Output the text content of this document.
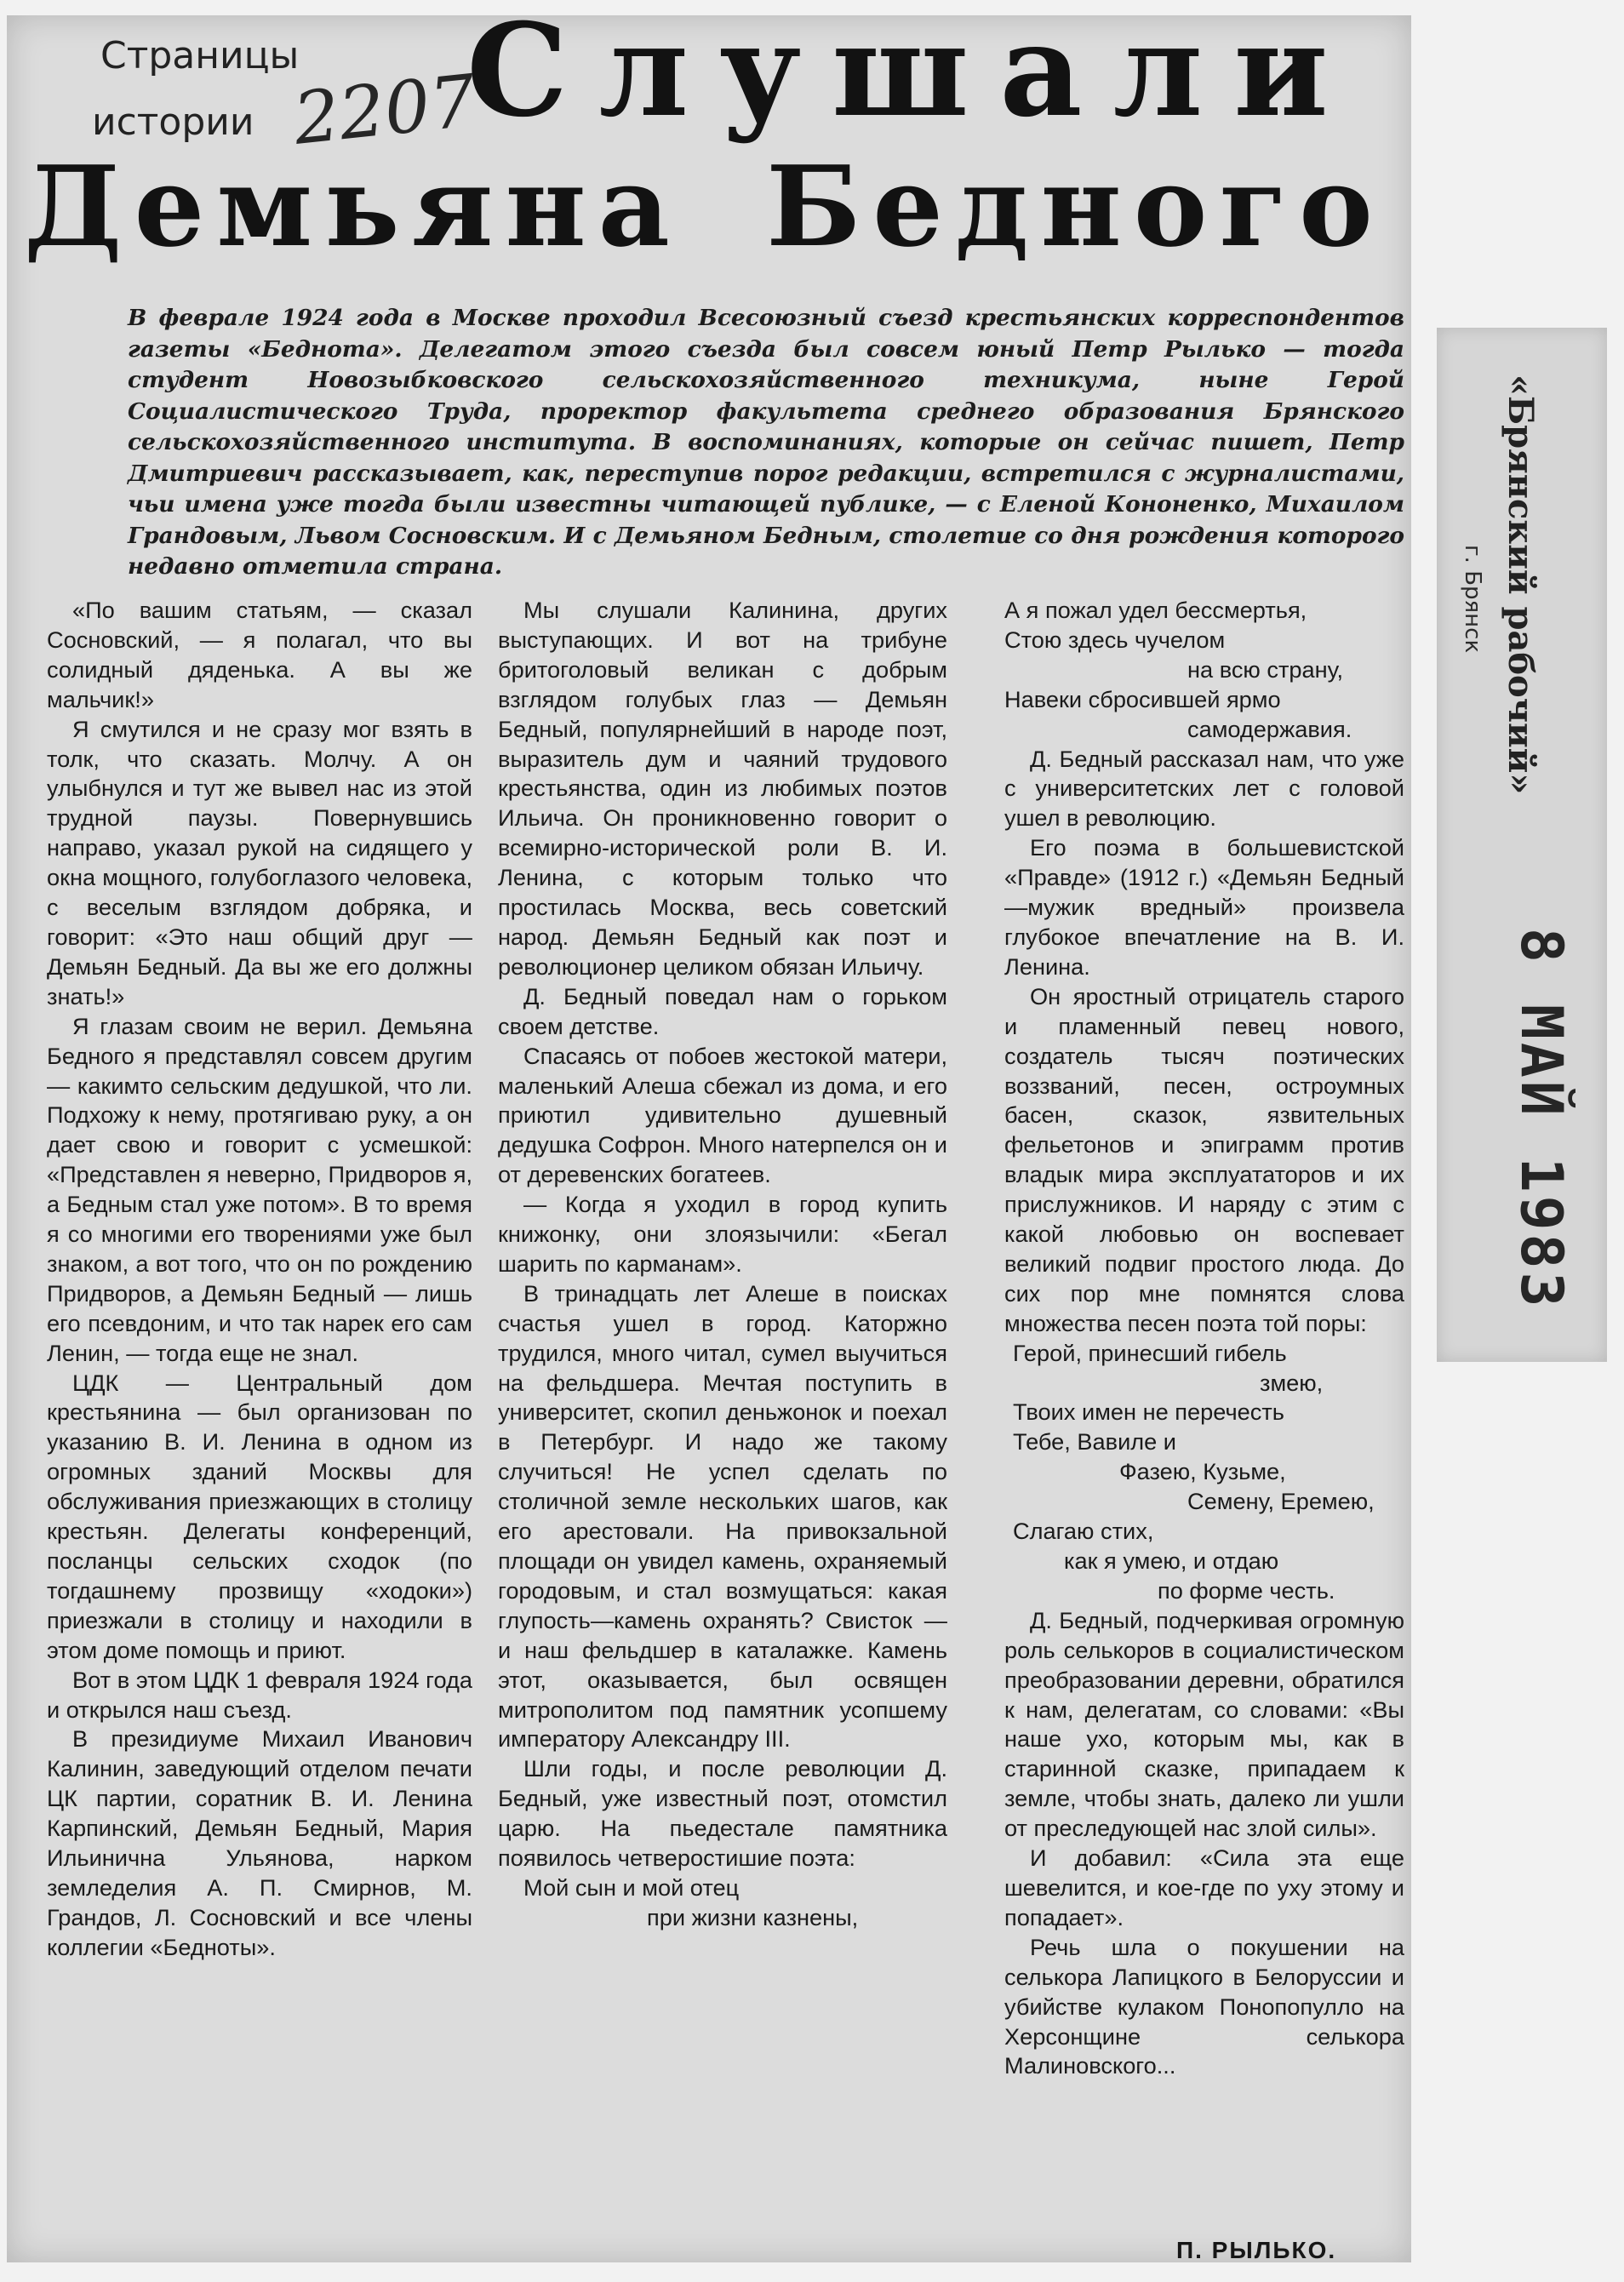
Страницы
истории 2207
Слушали
Демьяна Бедного
В феврале 1924 года в Москве проходил Всесоюзный съезд крестьянских корреспондентов газеты «Беднота». Делегатом этого съезда был совсем юный Петр Рылько — тогда студент Новозыбковского сельскохозяйственного техникума, ныне Герой Социалистического Труда, проректор факультета среднего образования Брянского сельскохозяйственного института. В воспоминаниях, которые он сейчас пишет, Петр Дмитриевич рассказывает, как, переступив порог редакции, встретился с журналистами, чьи имена уже тогда были известны читающей публике, — с Еленой Кононенко, Михаилом Грандовым, Львом Сосновским. И с Демьяном Бедным, столетие со дня рождения которого недавно отметила страна.

«По вашим статьям, — сказал Сосновский, — я полагал, что вы солидный дяденька. А вы же мальчик!»

Я смутился и не сразу мог взять в толк, что сказать. Молчу. А он улыбнулся и тут же вывел нас из этой трудной паузы. Повернувшись направо, указал рукой на сидящего у окна мощного, голубоглазого человека, с веселым взглядом добряка, и говорит: «Это наш общий друг — Демьян Бедный. Да вы же его должны знать!»

Я глазам своим не верил. Демьяна Бедного я представлял совсем другим — какимто сельским дедушкой, что ли. Подхожу к нему, протягиваю руку, а он дает свою и говорит с усмешкой: «Представлен я неверно, Придворов я, а Бедным стал уже потом». В то время я со многими его творениями уже был знаком, а вот того, что он по рождению Придворов, а Демьян Бедный — лишь его псевдоним, и что так нарек его сам Ленин, — тогда еще не знал.

ЦДК — Центральный дом крестьянина — был организован по указанию В. И. Ленина в одном из огромных зданий Москвы для обслуживания приезжающих в столицу крестьян. Делегаты конференций, посланцы сельских сходок (по тогдашнему прозвищу «ходоки») приезжали в столицу и находили в этом доме помощь и приют.

Вот в этом ЦДК 1 февраля 1924 года и открылся наш съезд.

В президиуме Михаил Иванович Калинин, заведующий отделом печати ЦК партии, соратник В. И. Ленина Карпинский, Демьян Бедный, Мария Ильинична Ульянова, нарком земледелия А. П. Смирнов, М. Грандов, Л. Сосновский и все члены коллегии «Бедноты».

Мы слушали Калинина, других выступающих. И вот на трибуне бритоголовый великан с добрым взглядом голубых глаз — Демьян Бедный, популярнейший в народе поэт, выразитель дум и чаяний трудового крестьянства, один из любимых поэтов Ильича. Он проникновенно говорит о всемирно-исторической роли В. И. Ленина, с которым только что простилась Москва, весь советский народ. Демьян Бедный как поэт и революционер целиком обязан Ильичу.

Д. Бедный поведал нам о горьком своем детстве.

Спасаясь от побоев жестокой матери, маленький Алеша сбежал из дома, и его приютил удивительно душевный дедушка Софрон. Много натерпелся он и от деревенских богатеев.

— Когда я уходил в город купить книжонку, они злоязычили: «Бегал шарить по карманам».

В тринадцать лет Алеше в поисках счастья ушел в город. Каторжно трудился, много читал, сумел выучиться на фельдшера. Мечтая поступить в университет, скопил деньжонок и поехал в Петербург. И надо же такому случиться! Не успел сделать по столичной земле нескольких шагов, как его арестовали. На привокзальной площади он увидел камень, охраняемый городовым, и стал возмущаться: какая глупость—камень охранять? Свисток — и наш фельдшер в каталажке. Камень этот, оказывается, был освящен митрополитом под памятник усопшему императору Александру III.

Шли годы, и после революции Д. Бедный, уже известный поэт, отомстил царю. На пьедестале памятника появилось четверостишие поэта:

Мой сын и мой отец

при жизни казнены,

А я пожал удел бессмертья,

Стою здесь чучелом

на всю страну,

Навеки сбросившей ярмо

самодержавия.

Д. Бедный рассказал нам, что уже с университетских лет с головой ушел в революцию.

Его поэма в большевистской «Правде» (1912 г.) «Демьян Бедный—мужик вредный» произвела глубокое впечатление на В. И. Ленина.

Он яростный отрицатель старого и пламенный певец нового, создатель тысяч поэтических воззваний, песен, остроумных басен, сказок, язвительных фельетонов и эпиграмм против владык мира эксплуататоров и их прислужников. И наряду с этим с какой любовью он воспевает великий подвиг простого люда. До сих пор мне помнятся слова множества песен поэта той поры:

Герой, принесший гибель

змею,

Твоих имен не перечесть

Тебе, Вавиле и

Фазею, Кузьме,

Семену, Еремею,

Слагаю стих,

как я умею, и отдаю

по форме честь.

Д. Бедный, подчеркивая огромную роль селькоров в социалистическом преобразовании деревни, обратился к нам, делегатам, со словами: «Вы наше ухо, которым мы, как в старинной сказке, припадаем к земле, чтобы знать, далеко ли ушли от преследующей нас злой силы».

И добавил: «Сила эта еще шевелится, и кое-где по уху этому и попадает».

Речь шла о покушении на селькора Лапицкого в Белоруссии и убийстве кулаком Понопопулло на Херсонщине селькора Малиновского...

П. РЫЛЬКО.
«Брянский рабочий»
г. Брянск
8 МАЙ 1983
